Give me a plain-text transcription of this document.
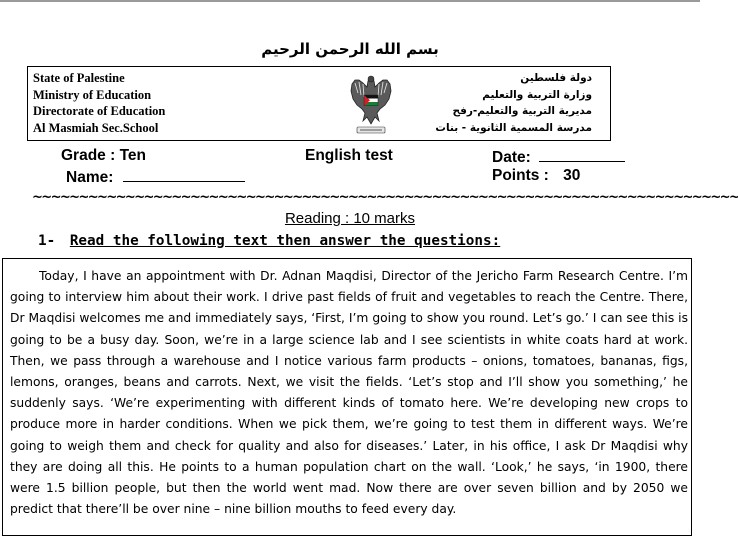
بسم الله الرحمن الرحيم
State of Palestine
Ministry of Education
Directorate of Education
Al Masmiah Sec.School
دولة فلسطين
وزارة التربية والتعليم
مديرية التربية والتعليم-رفح
مدرسة المسمية الثانوية - بنات
Grade : Ten	English test	Date:
Name:	Points : 30
~~~~~~~~~~~~~~~~~~~~~~~~~~~~~~~~~~~~~~~~~~~~~~~~~~~~~~~~~~~~~~~~~~~~~~~~~~~~
Reading : 10 marks
1- Read the following text then answer the questions:

Today, I have an appointment with Dr. Adnan Maqdisi, Director of the Jericho Farm Research Centre. I’m going to interview him about their work. I drive past fields of fruit and vegetables to reach the Centre. There, Dr Maqdisi welcomes me and immediately says, ‘First, I’m going to show you round. Let’s go.’ I can see this is going to be a busy day. Soon, we’re in a large science lab and I see scientists in white coats hard at work. Then, we pass through a warehouse and I notice various farm products – onions, tomatoes, bananas, figs, lemons, oranges, beans and carrots. Next, we visit the fields. ‘Let’s stop and I’ll show you something,’ he suddenly says. ‘We’re experimenting with different kinds of tomato here. We’re developing new crops to produce more in harder conditions. When we pick them, we’re going to test them in different ways. We’re going to weigh them and check for quality and also for diseases.’ Later, in his office, I ask Dr Maqdisi why they are doing all this. He points to a human population chart on the wall. ‘Look,’ he says, ‘in 1900, there were 1.5 billion people, but then the world went mad. Now there are over seven billion and by 2050 we predict that there’ll be over nine – nine billion mouths to feed every day.
